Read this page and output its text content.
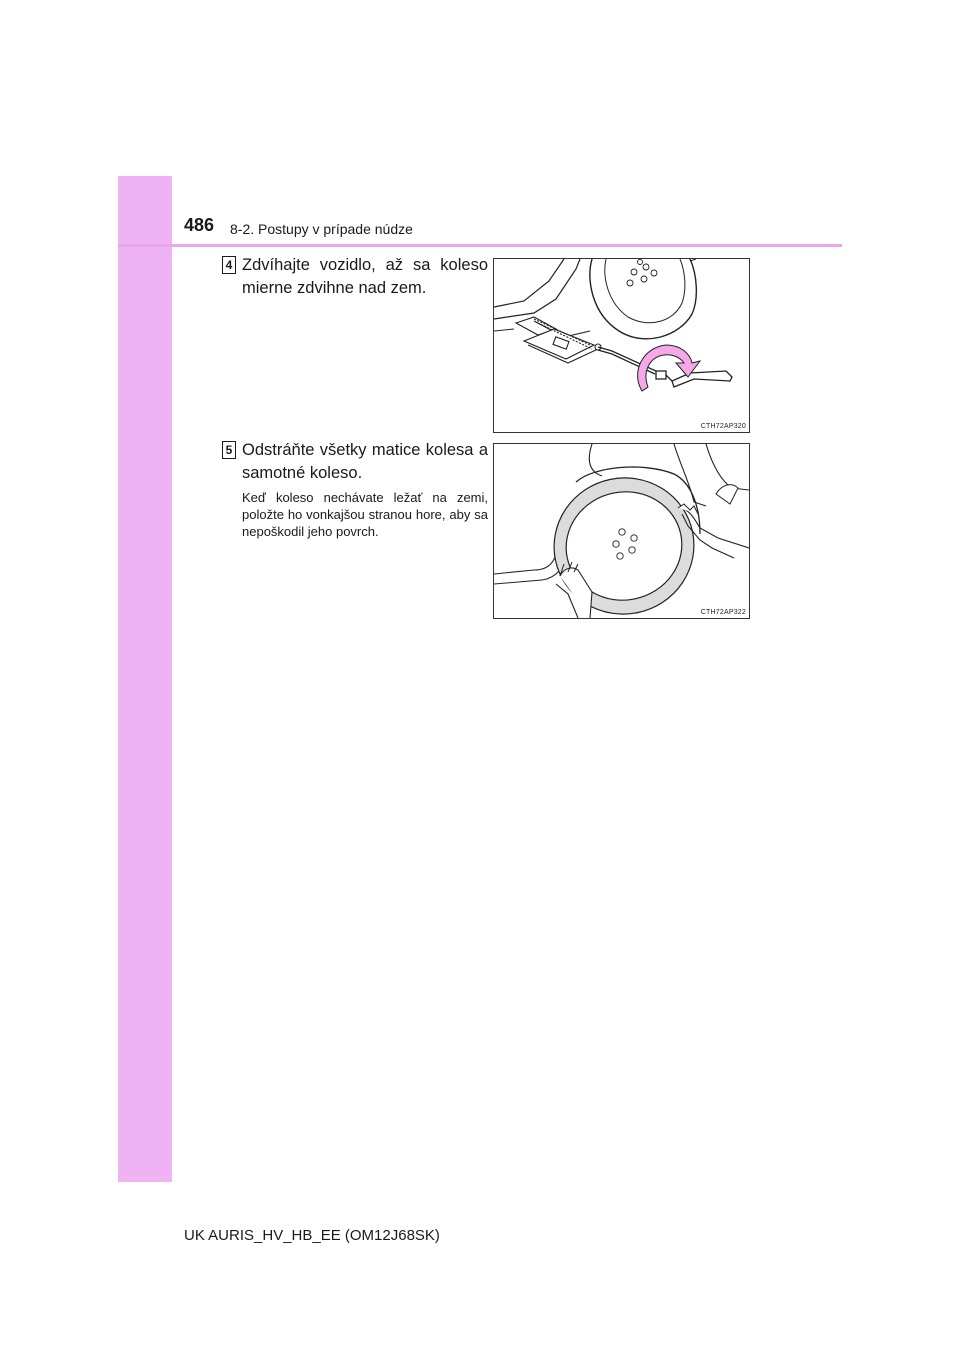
486 8-2. Postupy v prípade núdze
4 Zdvíhajte vozidlo, až sa koleso mierne zdvihne nad zem.
CTH72AP320
5 Odstráňte všetky matice kolesa a samotné koleso.
Keď koleso nechávate ležať na zemi, položte ho vonkajšou stranou hore, aby sa nepoškodil jeho povrch.
CTH72AP322
UK AURIS_HV_HB_EE (OM12J68SK)
